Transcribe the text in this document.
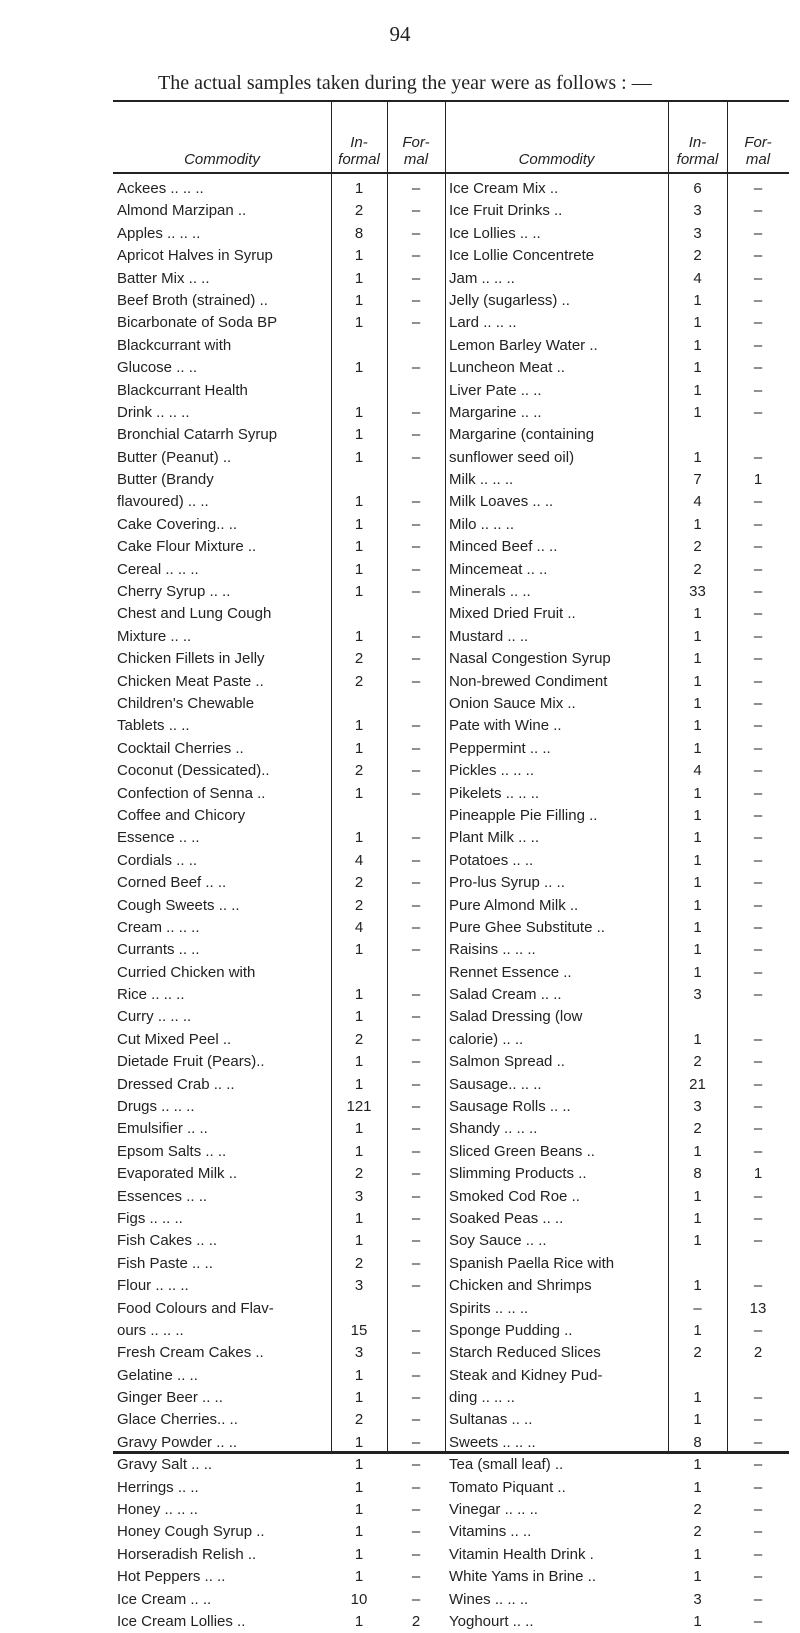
94
The actual samples taken during the year were as follows : —
Commodity
In-
formal
For-
mal	Commodity
In-
formal
For-
mal
Ackees .. .. ..
Almond Marzipan ..
Apples .. .. ..
Apricot Halves in Syrup
Batter Mix .. ..
Beef Broth (strained) ..
Bicarbonate of Soda BP
Blackcurrant with
Glucose .. ..
Blackcurrant Health
Drink .. .. ..
Bronchial Catarrh Syrup
Butter (Peanut) ..
Butter (Brandy
flavoured) .. ..
Cake Covering.. ..
Cake Flour Mixture ..
Cereal .. .. ..
Cherry Syrup .. ..
Chest and Lung Cough
Mixture .. ..
Chicken Fillets in Jelly
Chicken Meat Paste ..
Children's Chewable
Tablets .. ..
Cocktail Cherries ..
Coconut (Dessicated)..
Confection of Senna ..
Coffee and Chicory
Essence .. ..
Cordials .. ..
Corned Beef .. ..
Cough Sweets .. ..
Cream .. .. ..
Currants .. ..
Curried Chicken with
Rice .. .. ..
Curry .. .. ..
Cut Mixed Peel ..
Dietade Fruit (Pears)..
Dressed Crab .. ..
Drugs .. .. ..
Emulsifier .. ..
Epsom Salts .. ..
Evaporated Milk ..
Essences .. ..
Figs .. .. ..
Fish Cakes .. ..
Fish Paste .. ..
Flour .. .. ..
Food Colours and Flav-
ours .. .. ..
Fresh Cream Cakes ..
Gelatine .. ..
Ginger Beer .. ..
Glace Cherries.. ..
Gravy Powder .. ..
Gravy Salt .. ..
Herrings .. ..
Honey .. .. ..
Honey Cough Syrup ..
Horseradish Relish ..
Hot Peppers .. ..
Ice Cream .. ..
Ice Cream Lollies ..
1
2
8
1
1
1
1
1
1
1
1
1
1
1
1
1
1
2
2
1
1
2
1
1
4
2
2
4
1
1
1
2
1
1
121
1
1
2
3
1
1
2
3
15
3
1
1
2
1
1
1
1
1
1
1
10
1
–
–
–
–
–
–
–
–
–
–
–
–
–
–
–
–
–
–
–
–
–
–
–
–
–
–
–
–
–
–
–
–
–
–
–
–
–
–
–
–
–
–
–
–
–
–
–
–
–
–
–
–
–
–
–
–
2
Ice Cream Mix ..
Ice Fruit Drinks ..
Ice Lollies .. ..
Ice Lollie Concentrete
Jam .. .. ..
Jelly (sugarless) ..
Lard .. .. ..
Lemon Barley Water ..
Luncheon Meat ..
Liver Pate .. ..
Margarine .. ..
Margarine (containing
sunflower seed oil)
Milk .. .. ..
Milk Loaves .. ..
Milo .. .. ..
Minced Beef .. ..
Mincemeat .. ..
Minerals .. ..
Mixed Dried Fruit ..
Mustard .. ..
Nasal Congestion Syrup
Non-brewed Condiment
Onion Sauce Mix ..
Pate with Wine ..
Peppermint .. ..
Pickles .. .. ..
Pikelets .. .. ..
Pineapple Pie Filling ..
Plant Milk .. ..
Potatoes .. ..
Pro-lus Syrup .. ..
Pure Almond Milk ..
Pure Ghee Substitute ..
Raisins .. .. ..
Rennet Essence ..
Salad Cream .. ..
Salad Dressing (low
calorie) .. ..
Salmon Spread ..
Sausage.. .. ..
Sausage Rolls .. ..
Shandy .. .. ..
Sliced Green Beans ..
Slimming Products ..
Smoked Cod Roe ..
Soaked Peas .. ..
Soy Sauce .. ..
Spanish Paella Rice with
Chicken and Shrimps
Spirits .. .. ..
Sponge Pudding ..
Starch Reduced Slices
Steak and Kidney Pud-
ding .. .. ..
Sultanas .. ..
Sweets .. .. ..
Tea (small leaf) ..
Tomato Piquant ..
Vinegar .. .. ..
Vitamins .. ..
Vitamin Health Drink .
White Yams in Brine ..
Wines .. .. ..
Yoghourt .. ..
6
3
3
2
4
1
1
1
1
1
1
1
7
4
1
2
2
33
1
1
1
1
1
1
1
4
1
1
1
1
1
1
1
1
1
3
1
2
21
3
2
1
8
1
1
1
1
–
1
2
1
1
8
1
1
2
2
1
1
3
1
–
–
–
–
–
–
–
–
–
–
–
–
1
–
–
–
–
–
–
–
–
–
–
–
–
–
–
–
–
–
–
–
–
–
–
–
–
–
–
–
–
–
1
–
–
–
–
13
–
2
–
–
–
–
–
–
–
–
–
–
–
